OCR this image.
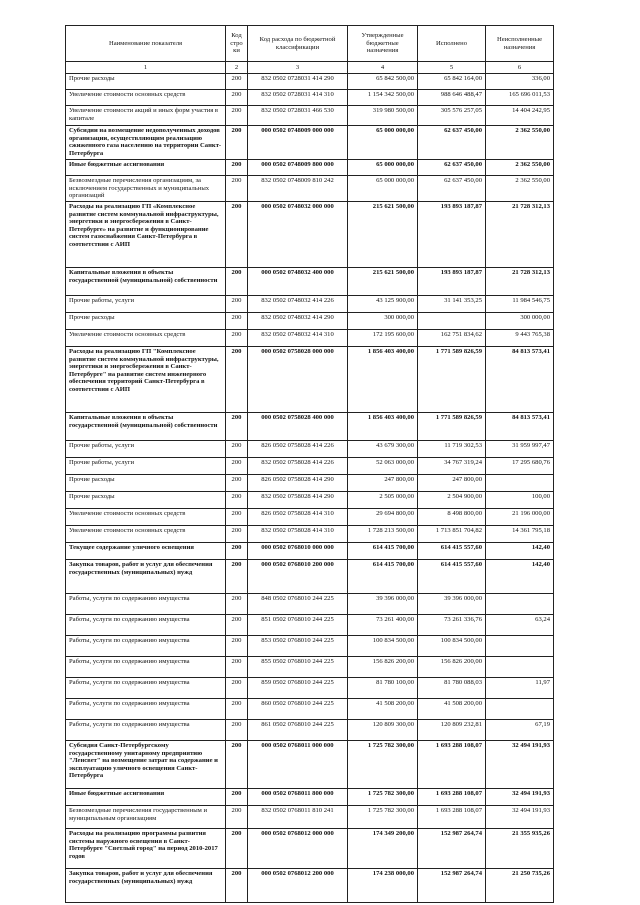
Наименование показателя	Код строки	Код расхода по бюджетной классификации	Утвержденные бюджетные назначения	Исполнено	Неисполненные назначения
1	2	3	4	5	6
Прочие расходы	200	832 0502 0728031 414 290	65 842 500,00	65 842 164,00	336,00
Увеличение стоимости основных средств	200	832 0502 0728031 414 310	1 154 342 500,00	988 646 488,47	165 696 011,53
Увеличение стоимости акций и иных форм участия в капитале	200	832 0502 0728031 466 530	319 980 500,00	305 576 257,05	14 404 242,95
Субсидии на возмещение недополученных доходов организации, осуществляющим реализацию сжиженного газа населению на территории Санкт-Петербурга	200	000 0502 0748009 000 000	65 000 000,00	62 637 450,00	2 362 550,00
Иные бюджетные ассигнования	200	000 0502 0748009 800 000	65 000 000,00	62 637 450,00	2 362 550,00
Безвозмездные перечисления организациям, за исключением государственных и муниципальных организаций	200	832 0502 0748009 810 242	65 000 000,00	62 637 450,00	2 362 550,00
Расходы на реализацию ГП «Комплексное развитие систем коммунальной инфраструктуры, энергетики и энергосбережения в Санкт-Петербурге» на развитие и функционирование систем газоснабжения Санкт-Петербурга в соответствии с АИП	200	000 0502 0748032 000 000	215 621 500,00	193 893 187,87	21 728 312,13
Капитальные вложения в объекты государственной (муниципальной) собственности	200	000 0502 0748032 400 000	215 621 500,00	193 893 187,87	21 728 312,13
Прочие работы, услуги	200	832 0502 0748032 414 226	43 125 900,00	31 141 353,25	11 984 546,75
Прочие расходы	200	832 0502 0748032 414 290	300 000,00		300 000,00
Увеличение стоимости основных средств	200	832 0502 0748032 414 310	172 195 600,00	162 751 834,62	9 443 765,38
Расходы на реализацию ГП "Комплексное развитие систем коммунальной инфраструктуры, энергетики и энергосбережения в Санкт-Петербурге" на развитие систем инженерного обеспечения территорий Санкт-Петербурга в соответствии с АИП	200	000 0502 0758028 000 000	1 856 403 400,00	1 771 589 826,59	84 813 573,41
Капитальные вложения в объекты государственной (муниципальной) собственности	200	000 0502 0758028 400 000	1 856 403 400,00	1 771 589 826,59	84 813 573,41
Прочие работы, услуги	200	826 0502 0758028 414 226	43 679 300,00	11 719 302,53	31 959 997,47
Прочие работы, услуги	200	832 0502 0758028 414 226	52 063 000,00	34 767 319,24	17 295 680,76
Прочие расходы	200	826 0502 0758028 414 290	247 800,00	247 800,00	
Прочие расходы	200	832 0502 0758028 414 290	2 505 000,00	2 504 900,00	100,00
Увеличение стоимости основных средств	200	826 0502 0758028 414 310	29 694 800,00	8 498 800,00	21 196 000,00
Увеличение стоимости основных средств	200	832 0502 0758028 414 310	1 728 213 500,00	1 713 851 704,82	14 361 795,18
Текущее содержание уличного освещения	200	000 0502 0768010 000 000	614 415 700,00	614 415 557,60	142,40
Закупка товаров, работ и услуг для обеспечения государственных (муниципальных) нужд	200	000 0502 0768010 200 000	614 415 700,00	614 415 557,60	142,40
Работы, услуги по содержанию имущества	200	848 0502 0768010 244 225	39 396 000,00	39 396 000,00	
Работы, услуги по содержанию имущества	200	851 0502 0768010 244 225	73 261 400,00	73 261 336,76	63,24
Работы, услуги по содержанию имущества	200	853 0502 0768010 244 225	100 834 500,00	100 834 500,00	
Работы, услуги по содержанию имущества	200	855 0502 0768010 244 225	156 826 200,00	156 826 200,00	
Работы, услуги по содержанию имущества	200	859 0502 0768010 244 225	81 780 100,00	81 780 088,03	11,97
Работы, услуги по содержанию имущества	200	860 0502 0768010 244 225	41 508 200,00	41 508 200,00	
Работы, услуги по содержанию имущества	200	861 0502 0768010 244 225	120 809 300,00	120 809 232,81	67,19
Субсидия Санкт-Петербургскому государственному унитарному предприятию "Ленсвет" на возмещение затрат на содержание и эксплуатацию уличного освещения Санкт-Петербурга	200	000 0502 0768011 000 000	1 725 782 300,00	1 693 288 108,07	32 494 191,93
Иные бюджетные ассигнования	200	000 0502 0768011 800 000	1 725 782 300,00	1 693 288 108,07	32 494 191,93
Безвозмездные перечисления государственным и муниципальным организациям	200	832 0502 0768011 810 241	1 725 782 300,00	1 693 288 108,07	32 494 191,93
Расходы на реализацию программы развития системы наружного освещения в Санкт-Петербурге "Светлый город" на период 2010-2017 годов	200	000 0502 0768012 000 000	174 349 200,00	152 987 264,74	21 355 935,26
Закупка товаров, работ и услуг для обеспечения государственных (муниципальных) нужд	200	000 0502 0768012 200 000	174 238 000,00	152 987 264,74	21 250 735,26
